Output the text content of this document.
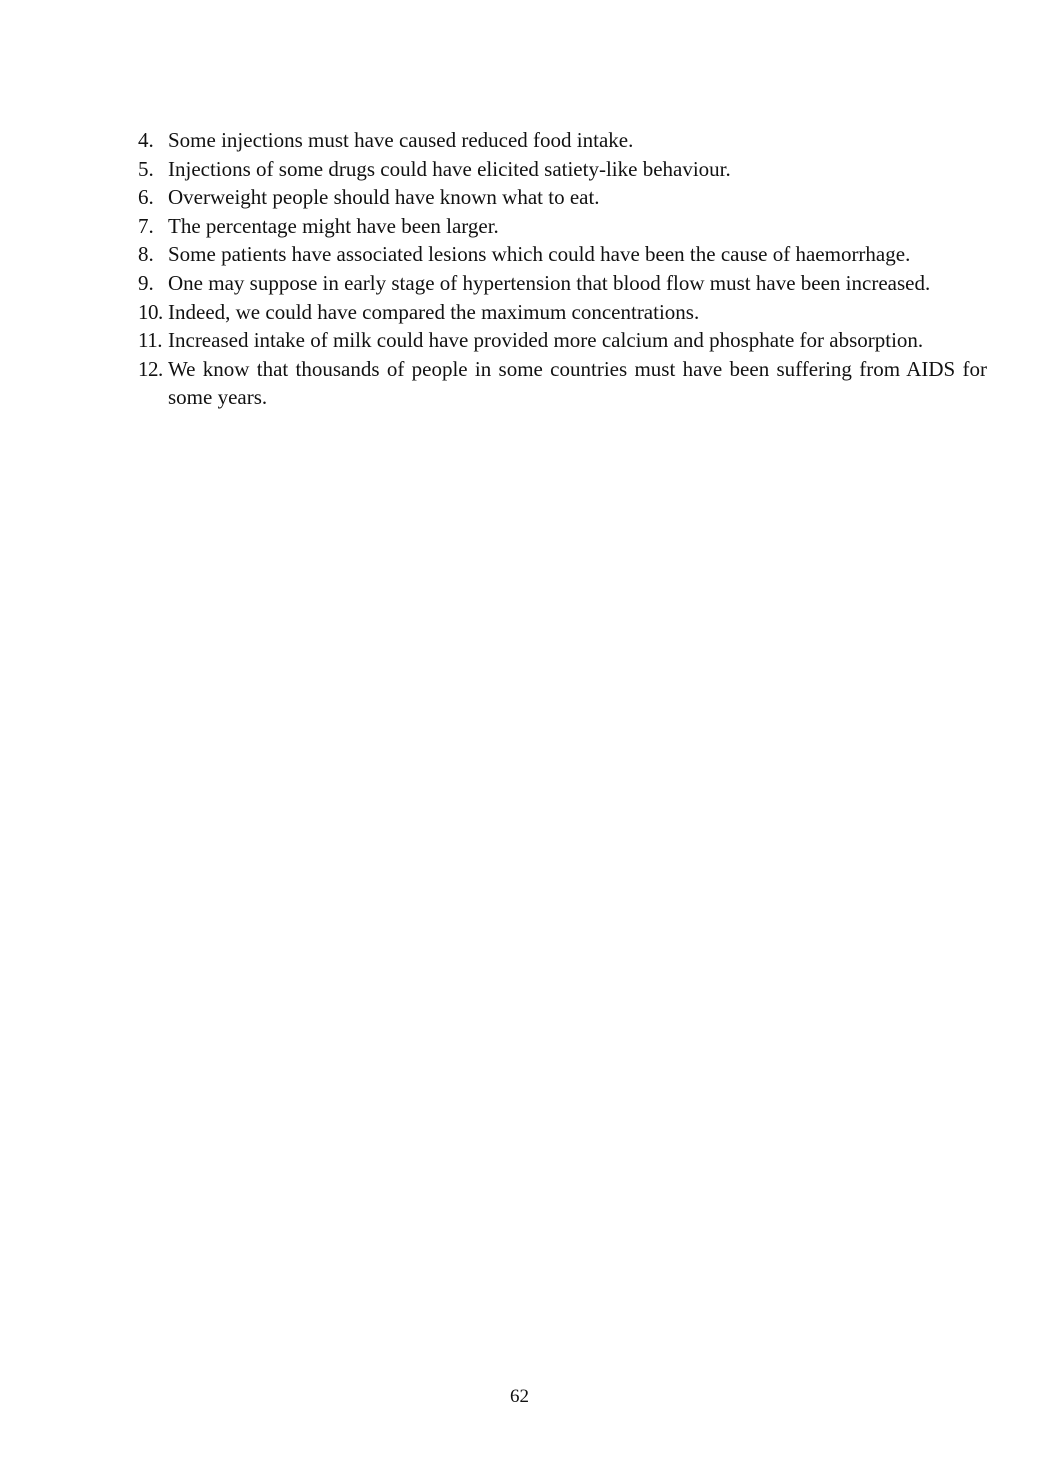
4. Some injections must have caused reduced food intake.
5. Injections of some drugs could have elicited satiety-like behaviour.
6. Overweight people should have known what to eat.
7. The percentage might have been larger.
8. Some patients have associated lesions which could have been the cause of haemorrhage.
9. One may suppose in early stage of hypertension that blood flow must have been increased.
10. Indeed, we could have compared the maximum concentrations.
11. Increased intake of milk could have provided more calcium and phosphate for absorption.
12. We know that thousands of people in some countries must have been suffering from AIDS for some years.
62
